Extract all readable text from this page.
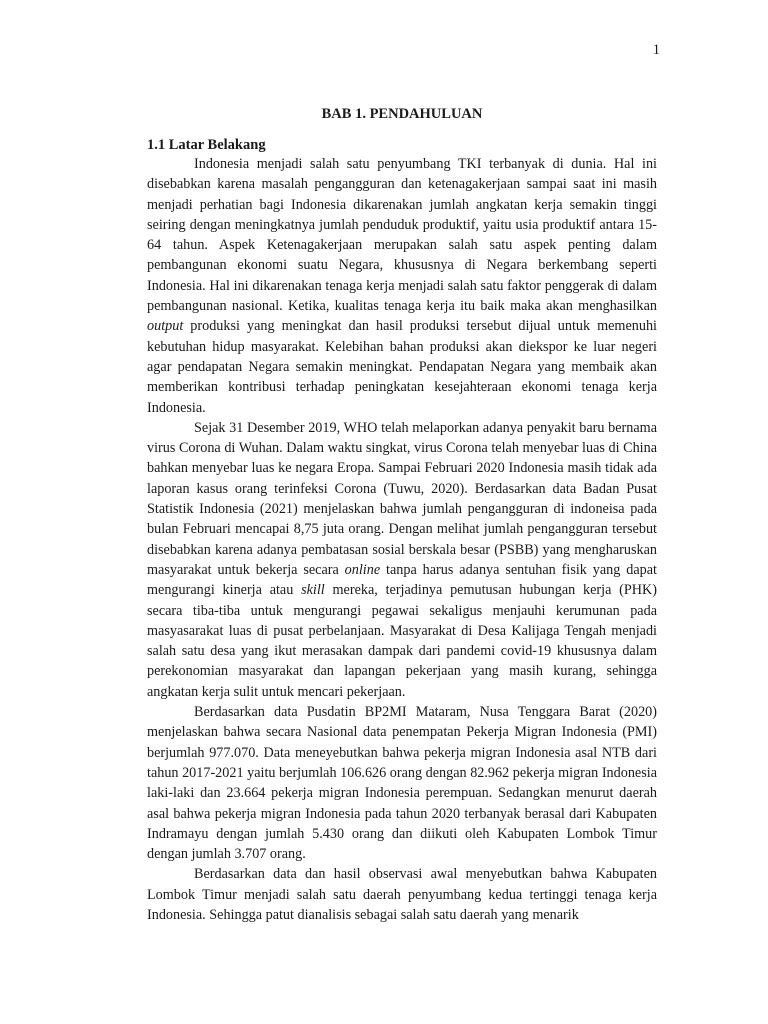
1
BAB 1. PENDAHULUAN
1.1 Latar Belakang

Indonesia menjadi salah satu penyumbang TKI terbanyak di dunia. Hal ini disebabkan karena masalah pengangguran dan ketenagakerjaan sampai saat ini masih menjadi perhatian bagi Indonesia dikarenakan jumlah angkatan kerja semakin tinggi seiring dengan meningkatnya jumlah penduduk produktif, yaitu usia produktif antara 15-64 tahun. Aspek Ketenagakerjaan merupakan salah satu aspek penting dalam pembangunan ekonomi suatu Negara, khususnya di Negara berkembang seperti Indonesia. Hal ini dikarenakan tenaga kerja menjadi salah satu faktor penggerak di dalam pembangunan nasional. Ketika, kualitas tenaga kerja itu baik maka akan menghasilkan output produksi yang meningkat dan hasil produksi tersebut dijual untuk memenuhi kebutuhan hidup masyarakat. Kelebihan bahan produksi akan diekspor ke luar negeri agar pendapatan Negara semakin meningkat. Pendapatan Negara yang membaik akan memberikan kontribusi terhadap peningkatan kesejahteraan ekonomi tenaga kerja Indonesia.

Sejak 31 Desember 2019, WHO telah melaporkan adanya penyakit baru bernama virus Corona di Wuhan. Dalam waktu singkat, virus Corona telah menyebar luas di China bahkan menyebar luas ke negara Eropa. Sampai Februari 2020 Indonesia masih tidak ada laporan kasus orang terinfeksi Corona (Tuwu, 2020). Berdasarkan data Badan Pusat Statistik Indonesia (2021) menjelaskan bahwa jumlah pengangguran di indoneisa pada bulan Februari mencapai 8,75 juta orang. Dengan melihat jumlah pengangguran tersebut disebabkan karena adanya pembatasan sosial berskala besar (PSBB) yang mengharuskan masyarakat untuk bekerja secara online tanpa harus adanya sentuhan fisik yang dapat mengurangi kinerja atau skill mereka, terjadinya pemutusan hubungan kerja (PHK) secara tiba-tiba untuk mengurangi pegawai sekaligus menjauhi kerumunan pada masyasarakat luas di pusat perbelanjaan. Masyarakat di Desa Kalijaga Tengah menjadi salah satu desa yang ikut merasakan dampak dari pandemi covid-19 khususnya dalam perekonomian masyarakat dan lapangan pekerjaan yang masih kurang, sehingga angkatan kerja sulit untuk mencari pekerjaan.

Berdasarkan data Pusdatin BP2MI Mataram, Nusa Tenggara Barat (2020) menjelaskan bahwa secara Nasional data penempatan Pekerja Migran Indonesia (PMI) berjumlah 977.070. Data meneyebutkan bahwa pekerja migran Indonesia asal NTB dari tahun 2017-2021 yaitu berjumlah 106.626 orang dengan 82.962 pekerja migran Indonesia laki-laki dan 23.664 pekerja migran Indonesia perempuan. Sedangkan menurut daerah asal bahwa pekerja migran Indonesia pada tahun 2020 terbanyak berasal dari Kabupaten Indramayu dengan jumlah 5.430 orang dan diikuti oleh Kabupaten Lombok Timur dengan jumlah 3.707 orang.

Berdasarkan data dan hasil observasi awal menyebutkan bahwa Kabupaten Lombok Timur menjadi salah satu daerah penyumbang kedua tertinggi tenaga kerja Indonesia. Sehingga patut dianalisis sebagai salah satu daerah yang menarik
